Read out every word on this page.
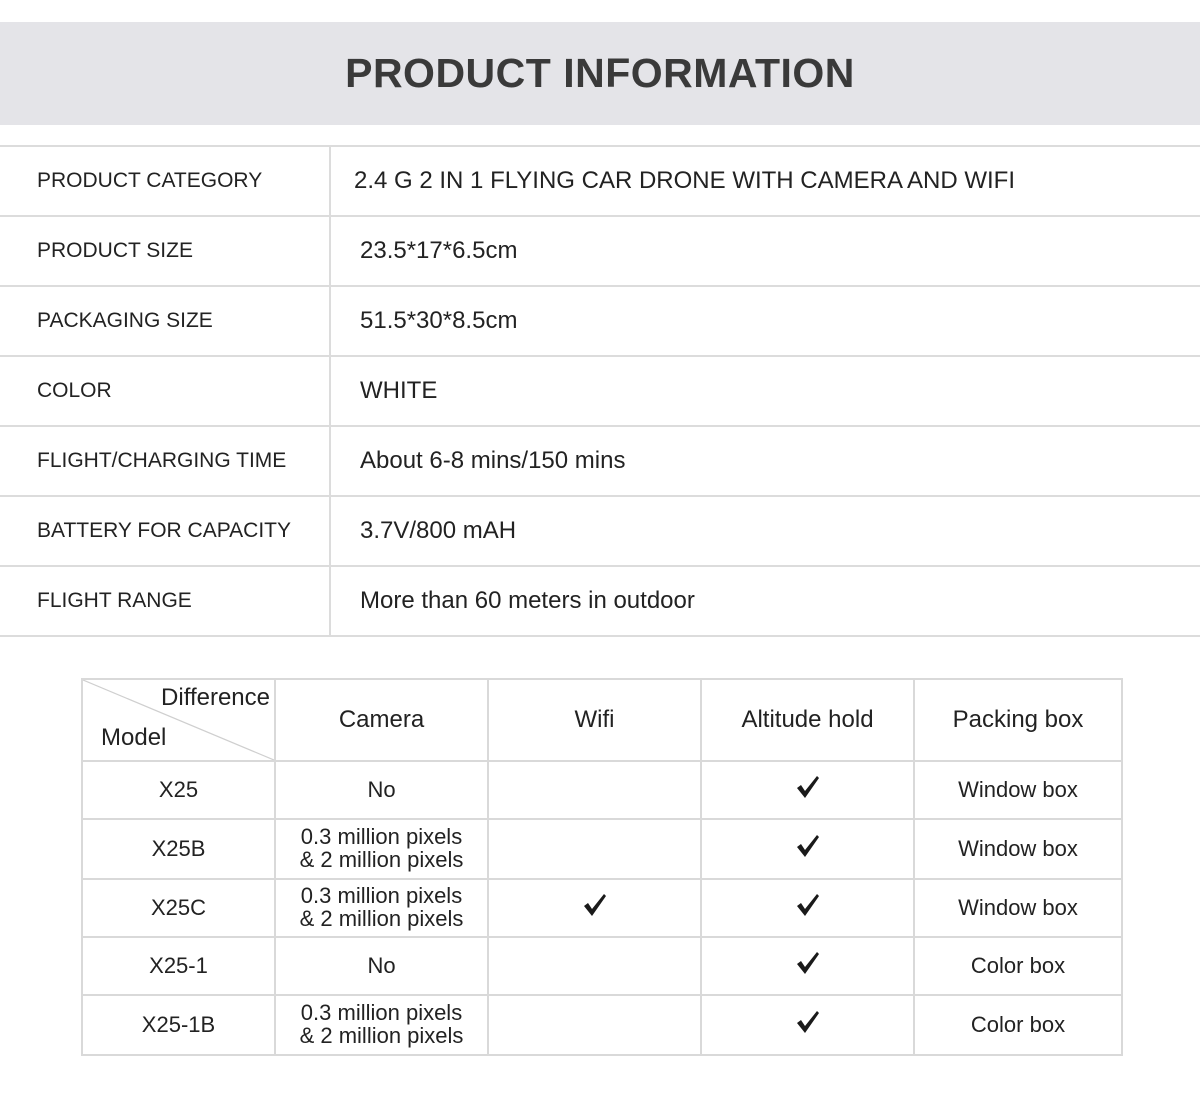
PRODUCT INFORMATION
PRODUCT CATEGORY	2.4 G 2 IN 1 FLYING CAR DRONE WITH CAMERA AND WIFI
PRODUCT SIZE	23.5*17*6.5cm
PACKAGING SIZE	51.5*30*8.5cm
COLOR	WHITE
FLIGHT/CHARGING TIME	About 6-8 mins/150 mins
BATTERY FOR CAPACITY	3.7V/800 mAH
FLIGHT RANGE	More than 60 meters in outdoor
Difference
Model	Camera	Wifi	Altitude hold	Packing box
X25	No			Window box
X25B	0.3 million pixels
& 2 million pixels			Window box
X25C	0.3 million pixels
& 2 million pixels			Window box
X25-1	No			Color box
X25-1B	0.3 million pixels
& 2 million pixels			Color box
